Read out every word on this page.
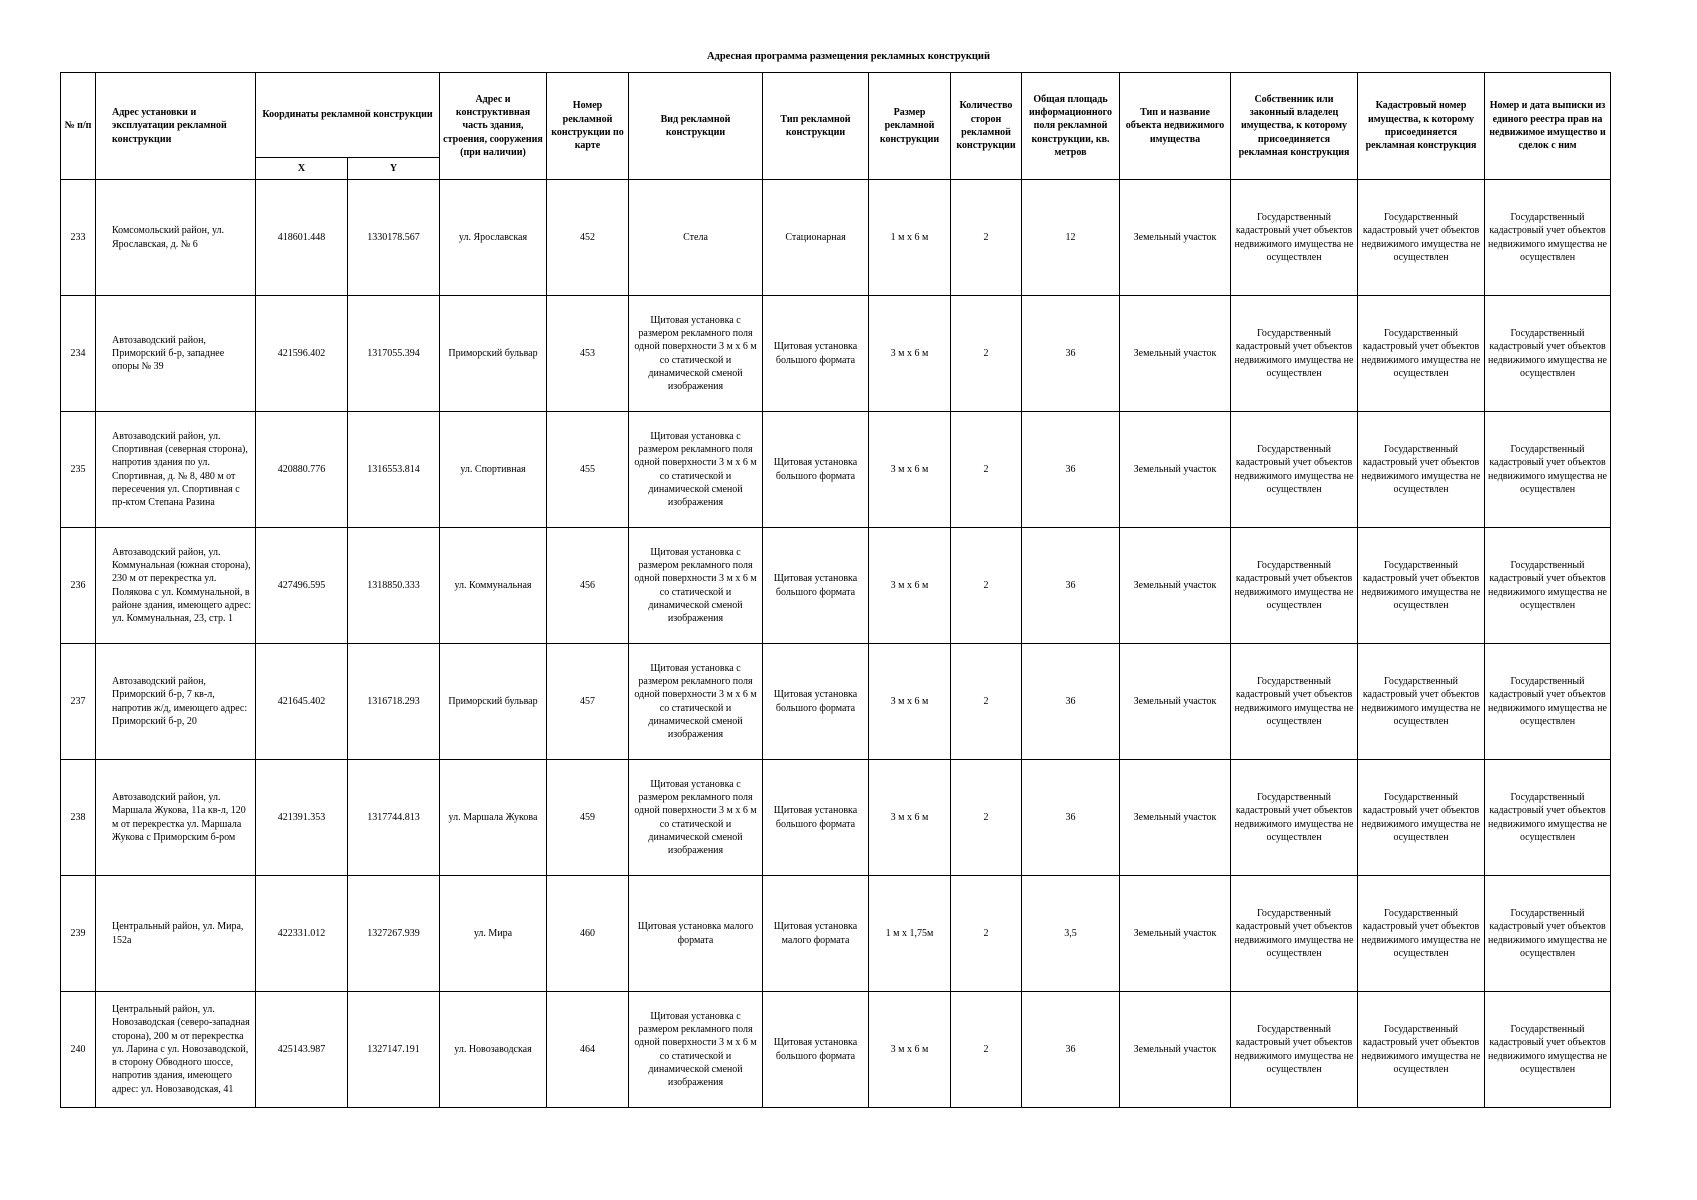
Адресная программа размещения рекламных конструкций
№ п/п	Адрес установки и эксплуатации рекламной конструкции	Координаты рекламной конструкции		Адрес и конструктивная часть здания, строения, сооружения (при наличии)	Номер рекламной конструкции по карте	Вид рекламной конструкции	Тип рекламной конструкции	Размер рекламной конструкции	Количество сторон рекламной конструкции	Общая площадь информационного поля рекламной конструкции, кв. метров	Тип и название объекта недвижимого имущества	Собственник или законный владелец имущества, к которому присоединяется рекламная конструкция	Кадастровый номер имущества, к которому присоединяется рекламная конструкция	Номер и дата выписки из единого реестра прав на недвижимое имущество и сделок с ним
		X	Y											
233	Комсомольский район, ул. Ярославская, д. № 6	418601.448	1330178.567	ул. Ярославская	452	Стела	Стационарная	1 м х 6 м	2	12	Земельный участок	Государственный кадастровый учет объектов недвижимого имущества не осуществлен	Государственный кадастровый учет объектов недвижимого имущества не осуществлен	Государственный кадастровый учет объектов недвижимого имущества не осуществлен
234	Автозаводский район, Приморский б-р, западнее опоры № 39	421596.402	1317055.394	Приморский бульвар	453	Щитовая установка с размером рекламного поля одной поверхности 3 м х 6 м со статической и динамической сменой изображения	Щитовая установка большого формата	3 м х 6 м	2	36	Земельный участок	Государственный кадастровый учет объектов недвижимого имущества не осуществлен	Государственный кадастровый учет объектов недвижимого имущества не осуществлен	Государственный кадастровый учет объектов недвижимого имущества не осуществлен
235	Автозаводский район, ул. Спортивная (северная сторона), напротив здания по ул. Спортивная, д. № 8, 480 м от пересечения ул. Спортивная с пр-ктом Степана Разина	420880.776	1316553.814	ул. Спортивная	455	Щитовая установка с размером рекламного поля одной поверхности 3 м х 6 м со статической и динамической сменой изображения	Щитовая установка большого формата	3 м х 6 м	2	36	Земельный участок	Государственный кадастровый учет объектов недвижимого имущества не осуществлен	Государственный кадастровый учет объектов недвижимого имущества не осуществлен	Государственный кадастровый учет объектов недвижимого имущества не осуществлен
236	Автозаводский район, ул. Коммунальная (южная сторона), 230 м от перекрестка ул. Полякова с ул. Коммунальной, в районе здания, имеющего адрес: ул. Коммунальная, 23, стр. 1	427496.595	1318850.333	ул. Коммунальная	456	Щитовая установка с размером рекламного поля одной поверхности 3 м х 6 м со статической и динамической сменой изображения	Щитовая установка большого формата	3 м х 6 м	2	36	Земельный участок	Государственный кадастровый учет объектов недвижимого имущества не осуществлен	Государственный кадастровый учет объектов недвижимого имущества не осуществлен	Государственный кадастровый учет объектов недвижимого имущества не осуществлен
237	Автозаводский район, Приморский б-р, 7 кв-л, напротив ж/д, имеющего адрес: Приморский б-р, 20	421645.402	1316718.293	Приморский бульвар	457	Щитовая установка с размером рекламного поля одной поверхности 3 м х 6 м со статической и динамической сменой изображения	Щитовая установка большого формата	3 м х 6 м	2	36	Земельный участок	Государственный кадастровый учет объектов недвижимого имущества не осуществлен	Государственный кадастровый учет объектов недвижимого имущества не осуществлен	Государственный кадастровый учет объектов недвижимого имущества не осуществлен
238	Автозаводский район, ул. Маршала Жукова, 11а кв-л, 120 м от перекрестка ул. Маршала Жукова с Приморским б-ром	421391.353	1317744.813	ул. Маршала Жукова	459	Щитовая установка с размером рекламного поля одной поверхности 3 м х 6 м со статической и динамической сменой изображения	Щитовая установка большого формата	3 м х 6 м	2	36	Земельный участок	Государственный кадастровый учет объектов недвижимого имущества не осуществлен	Государственный кадастровый учет объектов недвижимого имущества не осуществлен	Государственный кадастровый учет объектов недвижимого имущества не осуществлен
239	Центральный район, ул. Мира, 152а	422331.012	1327267.939	ул. Мира	460	Щитовая установка малого формата	Щитовая установка малого формата	1 м х 1,75м	2	3,5	Земельный участок	Государственный кадастровый учет объектов недвижимого имущества не осуществлен	Государственный кадастровый учет объектов недвижимого имущества не осуществлен	Государственный кадастровый учет объектов недвижимого имущества не осуществлен
240	Центральный район, ул. Новозаводская (северо-западная сторона), 200 м от перекрестка ул. Ларина с ул. Новозаводской, в сторону Обводного шоссе, напротив здания, имеющего адрес: ул. Новозаводская, 41	425143.987	1327147.191	ул. Новозаводская	464	Щитовая установка с размером рекламного поля одной поверхности 3 м х 6 м со статической и динамической сменой изображения	Щитовая установка большого формата	3 м х 6 м	2	36	Земельный участок	Государственный кадастровый учет объектов недвижимого имущества не осуществлен	Государственный кадастровый учет объектов недвижимого имущества не осуществлен	Государственный кадастровый учет объектов недвижимого имущества не осуществлен
